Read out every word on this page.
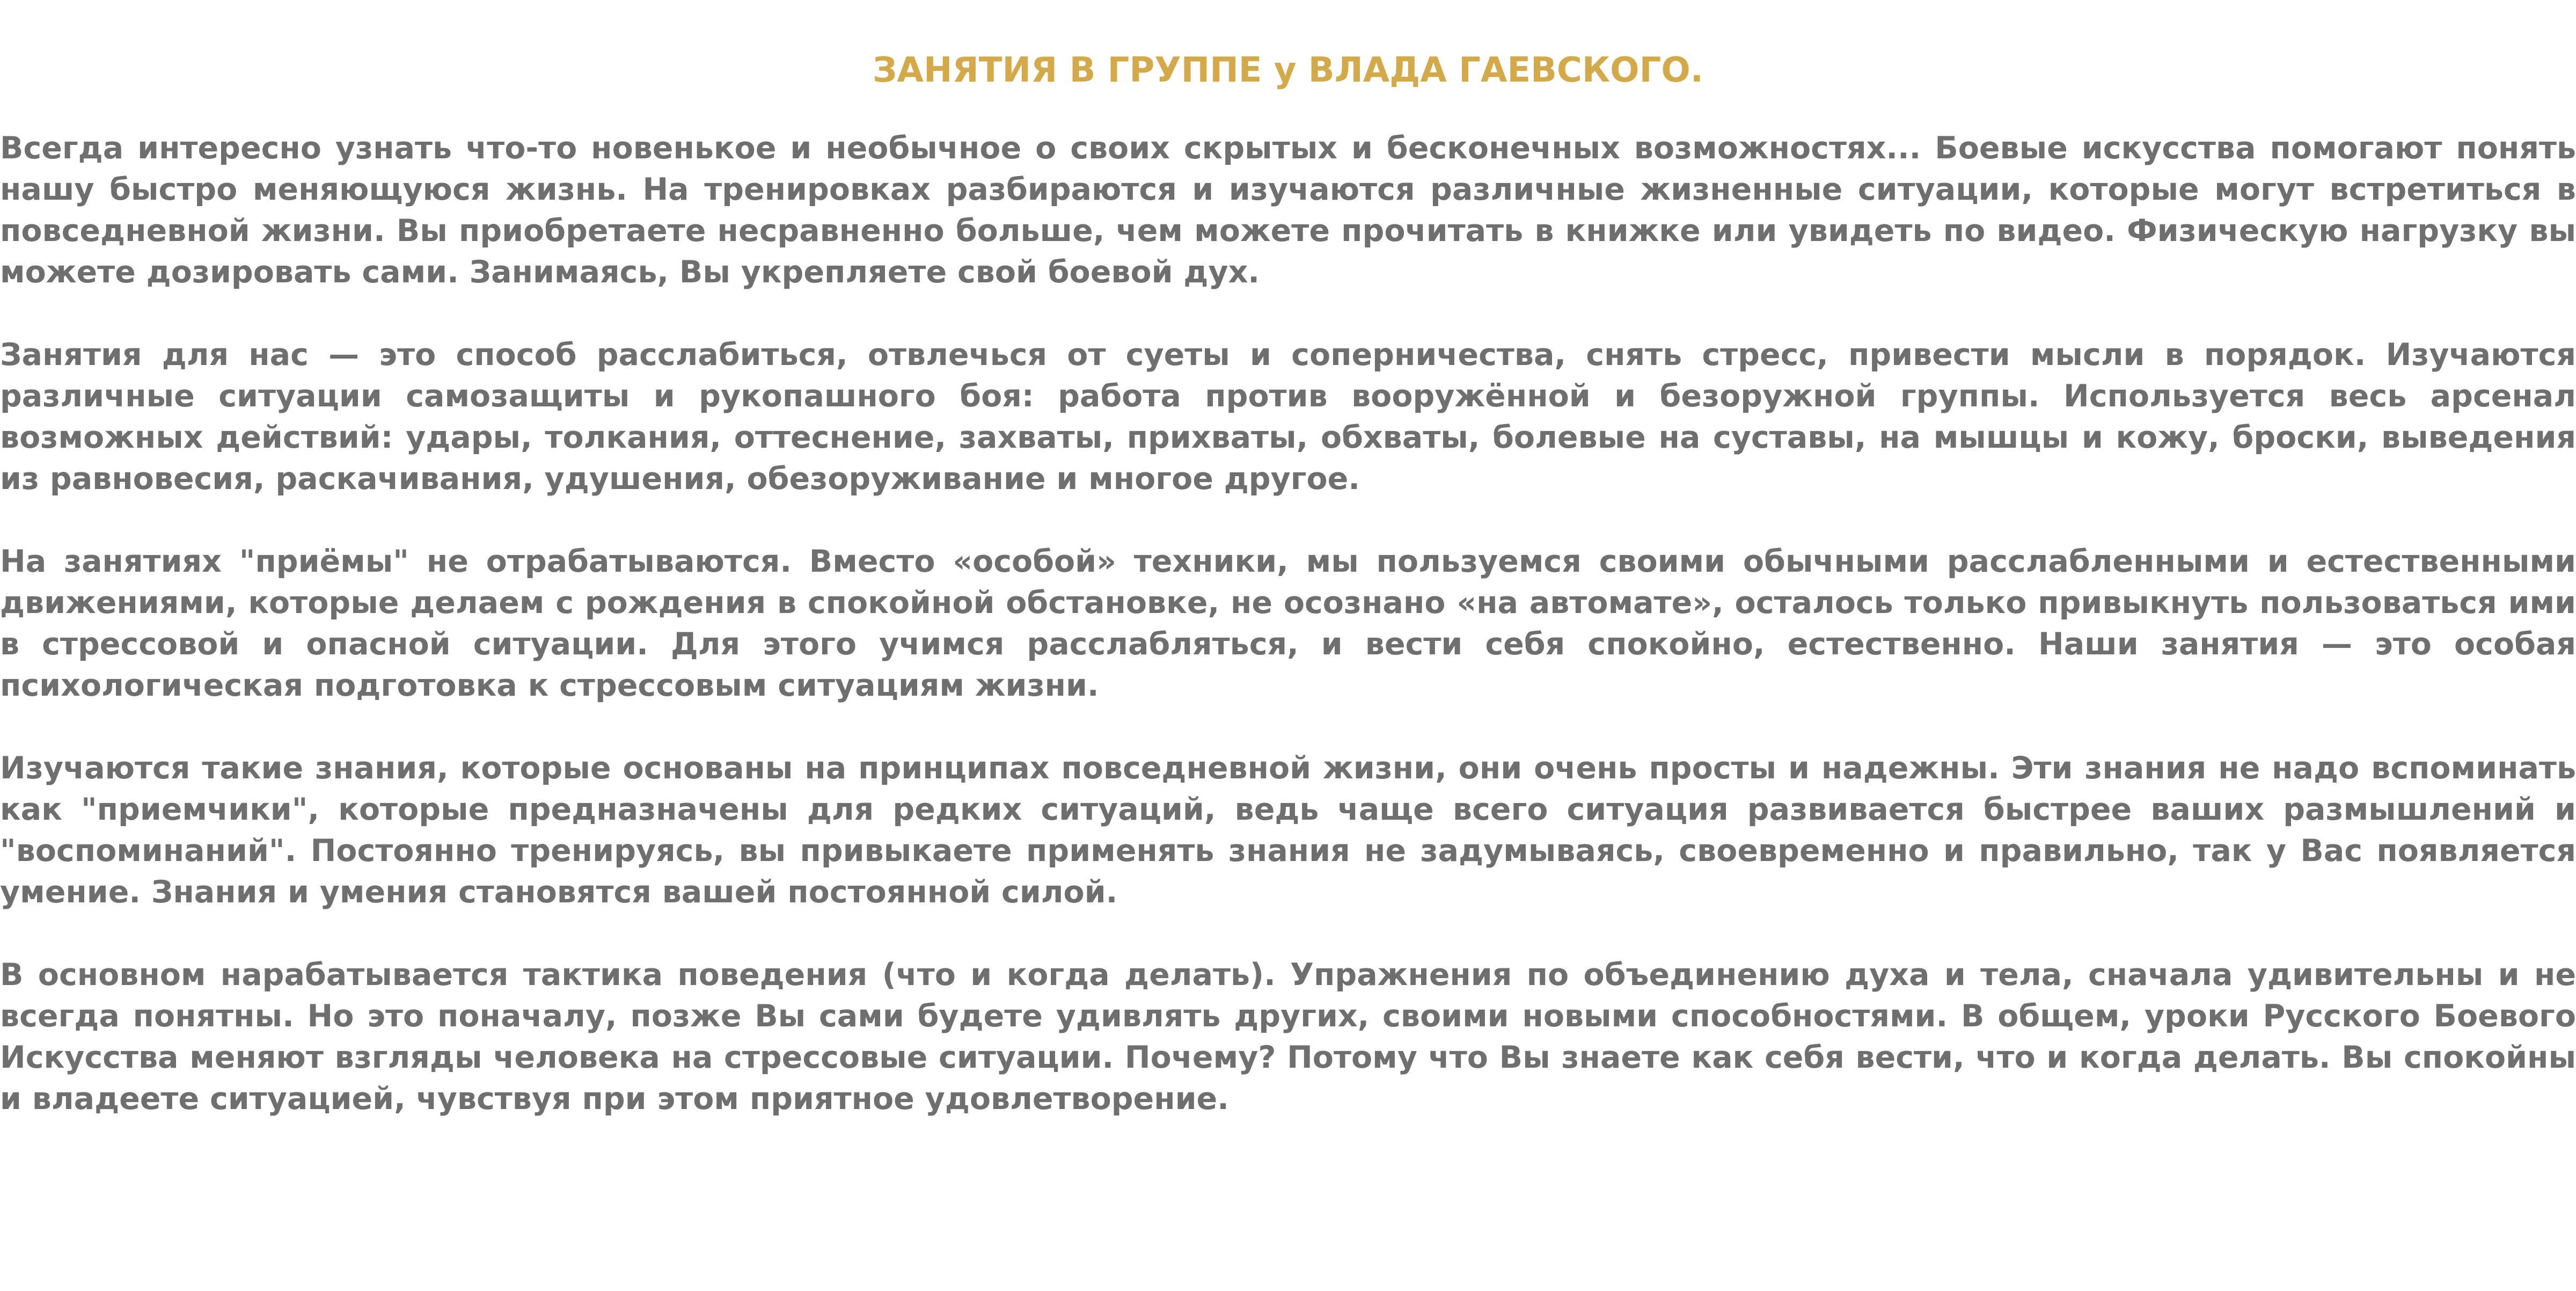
ЗАНЯТИЯ В ГРУППЕ у ВЛАДА ГАЕВСКОГО.

Всегда интересно узнать что-то новенькое и необычное о своих скрытых и бесконечных возможностях... Боевые искусства помогают понять нашу быстро меняющуюся жизнь. На тренировках разбираются и изучаются различные жизненные ситуации, которые могут встретиться в повседневной жизни. Вы приобретаете несравненно больше, чем можете прочитать в книжке или увидеть по видео. Физическую нагрузку вы можете дозировать сами. Занимаясь, Вы укрепляете свой боевой дух.

Занятия для нас — это способ расслабиться, отвлечься от суеты и соперничества, снять стресс, привести мысли в порядок. Изучаются различные ситуации самозащиты и рукопашного боя: работа против вооружённой и безоружной группы. Используется весь арсенал возможных действий: удары, толкания, оттеснение, захваты, прихваты, обхваты, болевые на суставы, на мышцы и кожу, броски, выведения из равновесия, раскачивания, удушения, обезоруживание и многое другое.

На занятиях "приёмы" не отрабатываются. Вместо «особой» техники, мы пользуемся своими обычными расслабленными и естественными движениями, которые делаем с рождения в спокойной обстановке, не осознано «на автомате», осталось только привыкнуть пользоваться ими в стрессовой и опасной ситуации. Для этого учимся расслабляться, и вести себя спокойно, естественно. Наши занятия — это особая психологическая подготовка к стрессовым ситуациям жизни.

Изучаются такие знания, которые основаны на принципах повседневной жизни, они очень просты и надежны. Эти знания не надо вспоминать как "приемчики", которые предназначены для редких ситуаций, ведь чаще всего ситуация развивается быстрее ваших размышлений и "воспоминаний". Постоянно тренируясь, вы привыкаете применять знания не задумываясь, своевременно и правильно, так у Вас появляется умение. Знания и умения становятся вашей постоянной силой.

В основном нарабатывается тактика поведения (что и когда делать). Упражнения по объединению духа и тела, сначала удивительны и не всегда понятны. Но это поначалу, позже Вы сами будете удивлять других, своими новыми способностями. В общем, уроки Русского Боевого Искусства меняют взгляды человека на стрессовые ситуации. Почему? Потому что Вы знаете как себя вести, что и когда делать. Вы спокойны и владеете ситуацией, чувствуя при этом приятное удовлетворение.
